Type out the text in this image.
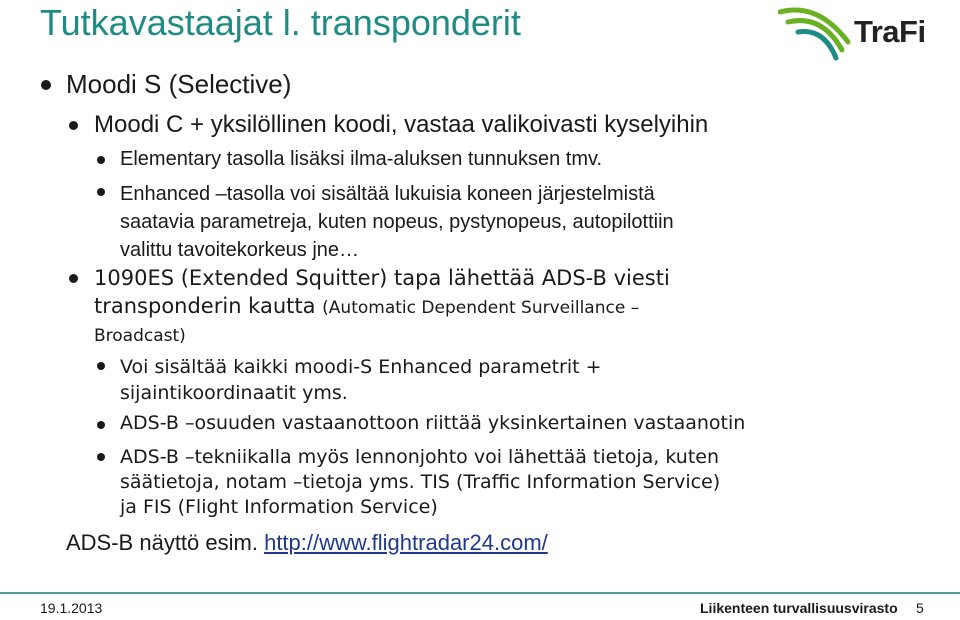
Tutkavastaajat l. transponderit	TraFi
Moodi S (Selective)
Moodi C + yksilöllinen koodi, vastaa valikoivasti kyselyihin
Elementary tasolla lisäksi ilma-aluksen tunnuksen tmv.
Enhanced –tasolla voi sisältää lukuisia koneen järjestelmistä
saatavia parametreja, kuten nopeus, pystynopeus, autopilottiin
valittu tavoitekorkeus jne…
1090ES (Extended Squitter) tapa lähettää ADS-B viesti
transponderin kautta (Automatic Dependent Surveillance –
Broadcast)
Voi sisältää kaikki moodi-S Enhanced parametrit +
sijaintikoordinaatit yms.
ADS-B –osuuden vastaanottoon riittää yksinkertainen vastaanotin
ADS-B –tekniikalla myös lennonjohto voi lähettää tietoja, kuten
säätietoja, notam –tietoja yms. TIS (Traffic Information Service)
ja FIS (Flight Information Service)
ADS-B näyttö esim. http://www.flightradar24.com/
19.1.2013	Liikenteen turvallisuusvirasto 5
